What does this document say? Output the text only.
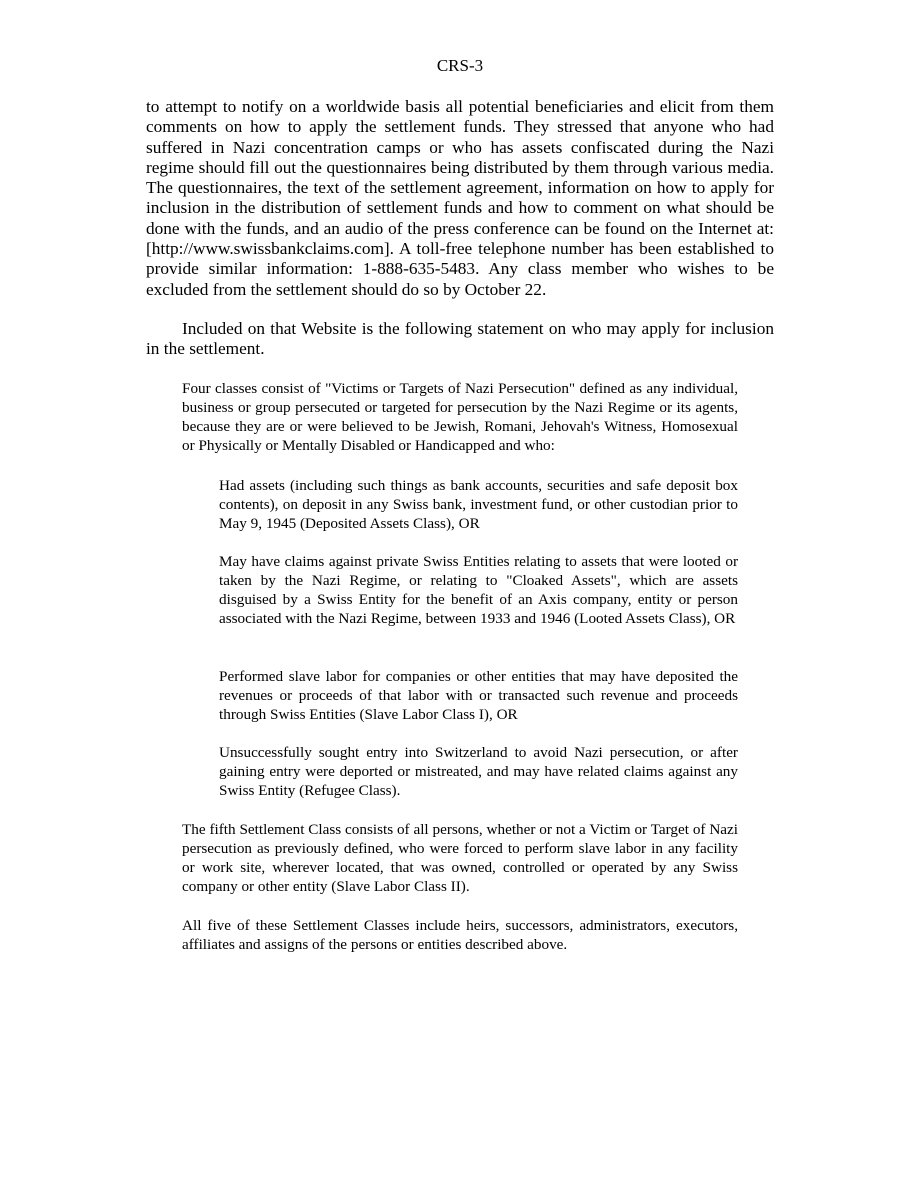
CRS-3

to attempt to notify on a worldwide basis all potential beneficiaries and elicit from them comments on how to apply the settlement funds. They stressed that anyone who had suffered in Nazi concentration camps or who has assets confiscated during the Nazi regime should fill out the questionnaires being distributed by them through various media. The questionnaires, the text of the settlement agreement, information on how to apply for inclusion in the distribution of settlement funds and how to comment on what should be done with the funds, and an audio of the press conference can be found on the Internet at: [http://www.swissbankclaims.com]. A toll-free telephone number has been established to provide similar information: 1-888-635-5483. Any class member who wishes to be excluded from the settlement should do so by October 22.

Included on that Website is the following statement on who may apply for inclusion in the settlement.

Four classes consist of "Victims or Targets of Nazi Persecution" defined as any individual, business or group persecuted or targeted for persecution by the Nazi Regime or its agents, because they are or were believed to be Jewish, Romani, Jehovah's Witness, Homosexual or Physically or Mentally Disabled or Handicapped and who:

Had assets (including such things as bank accounts, securities and safe deposit box contents), on deposit in any Swiss bank, investment fund, or other custodian prior to May 9, 1945 (Deposited Assets Class), OR

May have claims against private Swiss Entities relating to assets that were looted or taken by the Nazi Regime, or relating to "Cloaked Assets", which are assets disguised by a Swiss Entity for the benefit of an Axis company, entity or person associated with the Nazi Regime, between 1933 and 1946 (Looted Assets Class), OR

Performed slave labor for companies or other entities that may have deposited the revenues or proceeds of that labor with or transacted such revenue and proceeds through Swiss Entities (Slave Labor Class I), OR

Unsuccessfully sought entry into Switzerland to avoid Nazi persecution, or after gaining entry were deported or mistreated, and may have related claims against any Swiss Entity (Refugee Class).

The fifth Settlement Class consists of all persons, whether or not a Victim or Target of Nazi persecution as previously defined, who were forced to perform slave labor in any facility or work site, wherever located, that was owned, controlled or operated by any Swiss company or other entity (Slave Labor Class II).

All five of these Settlement Classes include heirs, successors, administrators, executors, affiliates and assigns of the persons or entities described above.
